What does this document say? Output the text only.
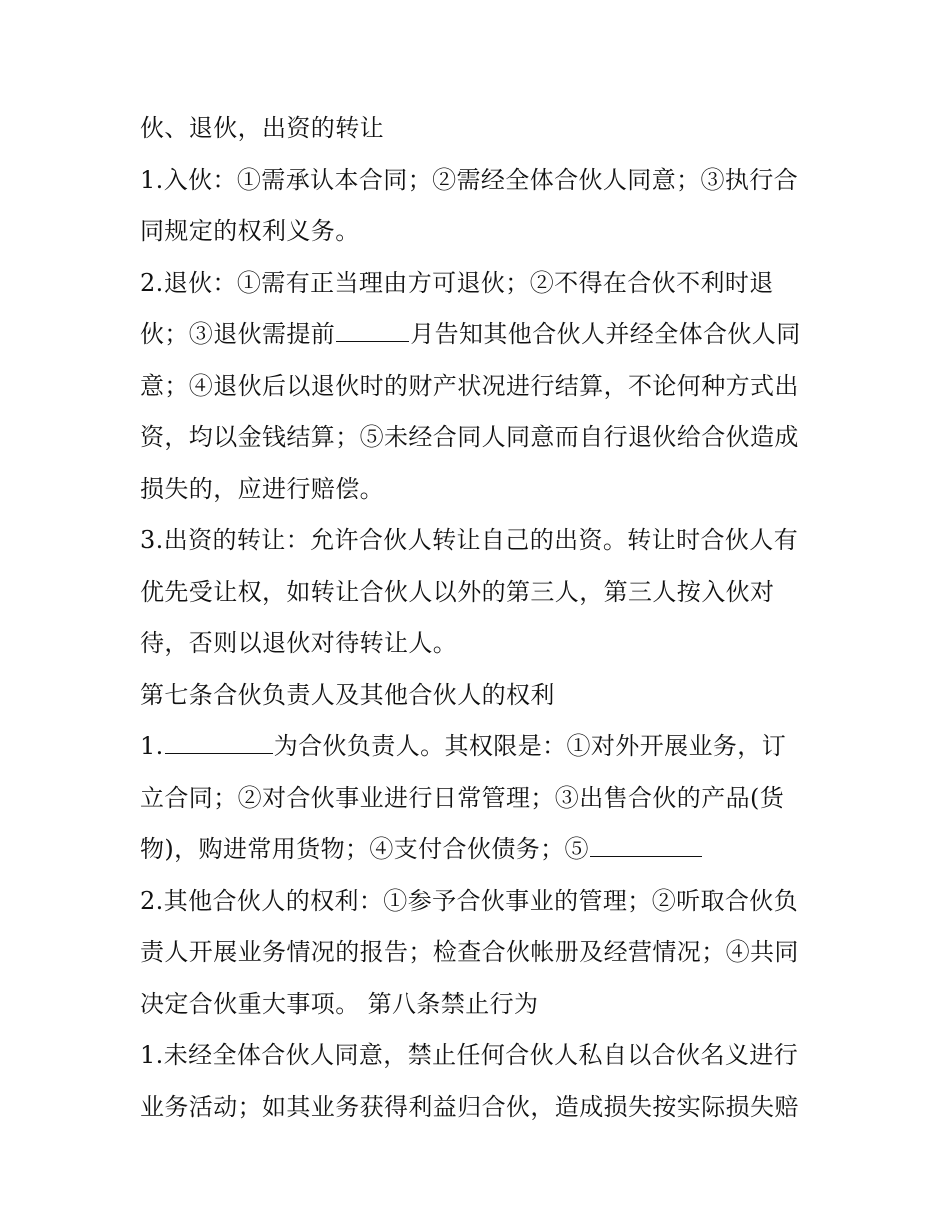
伙、退伙，出资的转让
1.入伙：①需承认本合同；②需经全体合伙人同意；③执行合
同规定的权利义务。
2.退伙：①需有正当理由方可退伙；②不得在合伙不利时退
伙；③退伙需提前	月告知其他合伙人并经全体合伙人同
意；④退伙后以退伙时的财产状况进行结算，不论何种方式出
资，均以金钱结算；⑤未经合同人同意而自行退伙给合伙造成
损失的，应进行赔偿。
3.出资的转让：允许合伙人转让自己的出资。转让时合伙人有
优先受让权，如转让合伙人以外的第三人，第三人按入伙对
待，否则以退伙对待转让人。
第七条合伙负责人及其他合伙人的权利
1.	为合伙负责人。其权限是：①对外开展业务，订
立合同；②对合伙事业进行日常管理；③出售合伙的产品(货
物)，购进常用货物；④支付合伙债务；⑤
2.其他合伙人的权利：①参予合伙事业的管理；②听取合伙负
责人开展业务情况的报告；检查合伙帐册及经营情况；④共同
决定合伙重大事项。 第八条禁止行为
1.未经全体合伙人同意，禁止任何合伙人私自以合伙名义进行
业务活动；如其业务获得利益归合伙，造成损失按实际损失赔
